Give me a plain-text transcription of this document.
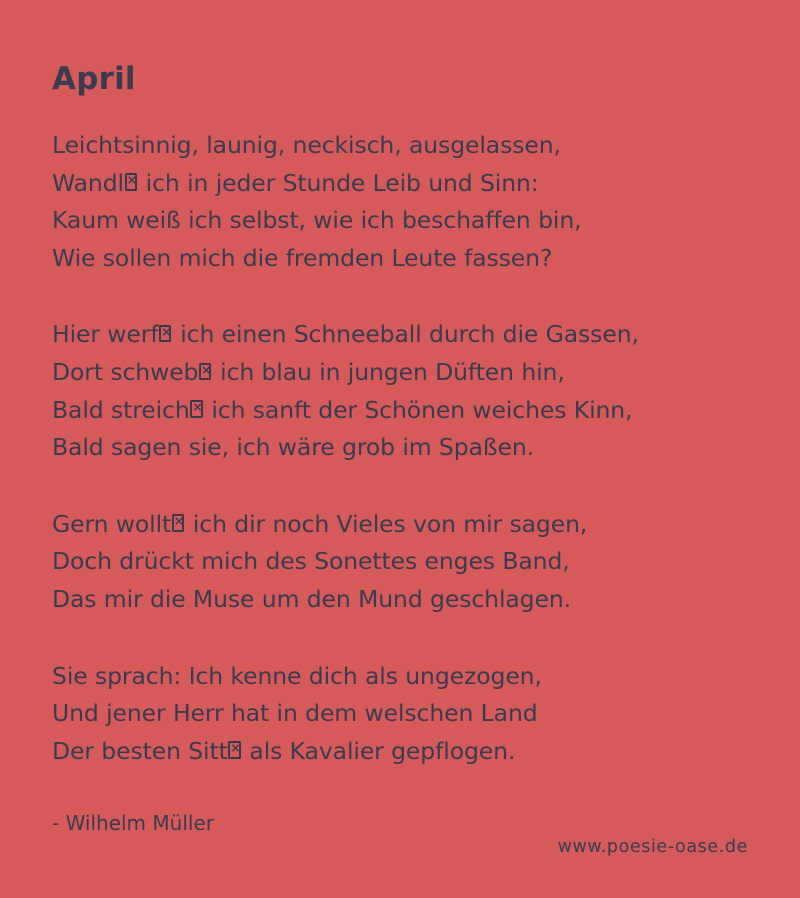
April

Leichtsinnig, launig, neckisch, ausgelassen,

Wandl× ich in jeder Stunde Leib und Sinn:

Kaum weiß ich selbst, wie ich beschaffen bin,

Wie sollen mich die fremden Leute fassen?

Hier werf× ich einen Schneeball durch die Gassen,

Dort schweb× ich blau in jungen Düften hin,

Bald streich× ich sanft der Schönen weiches Kinn,

Bald sagen sie, ich wäre grob im Spaßen.

Gern wollt× ich dir noch Vieles von mir sagen,

Doch drückt mich des Sonettes enges Band,

Das mir die Muse um den Mund geschlagen.

Sie sprach: Ich kenne dich als ungezogen,

Und jener Herr hat in dem welschen Land

Der besten Sitt× als Kavalier gepflogen.

- Wilhelm Müller

www.poesie-oase.de
